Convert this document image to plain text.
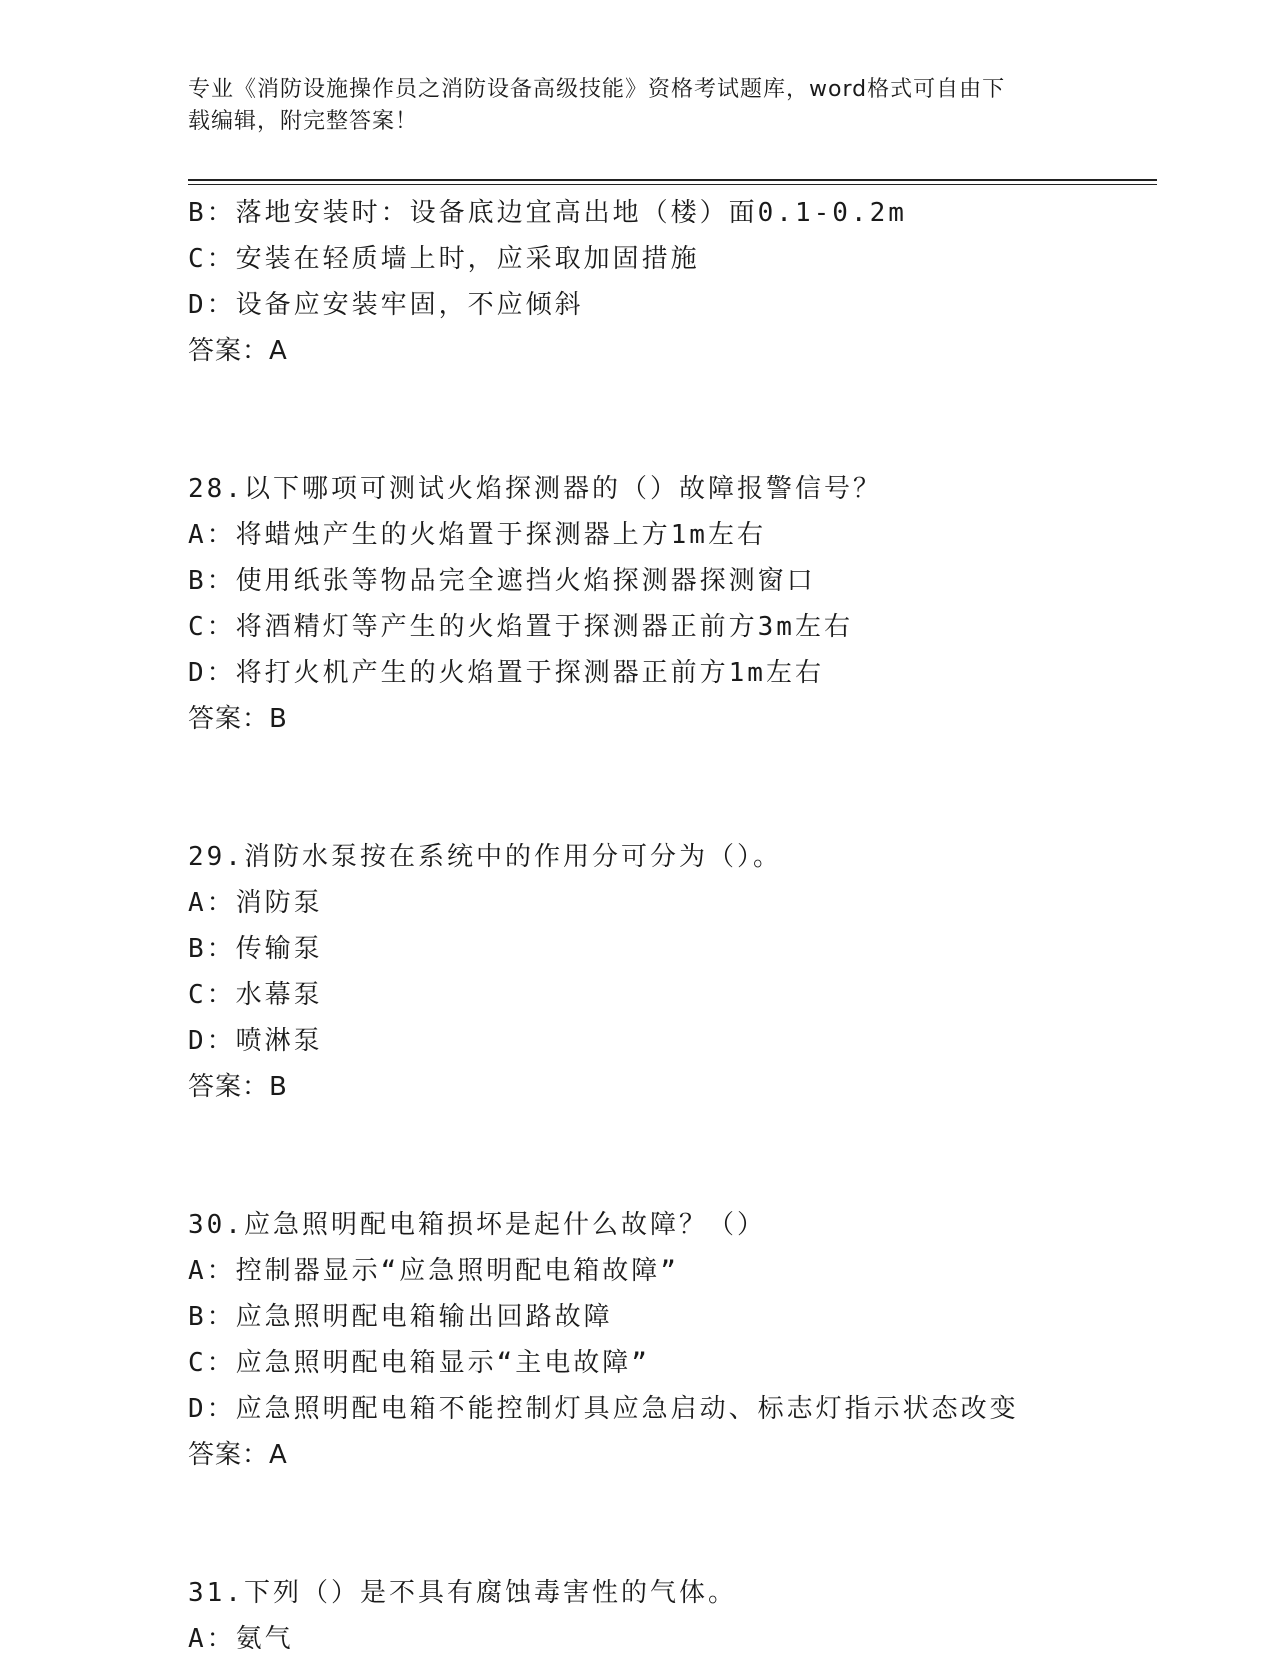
专业《消防设施操作员之消防设备高级技能》资格考试题库，word格式可自由下
载编辑，附完整答案！
B：落地安装时：设备底边宜高出地（楼）面0.1-0.2m
C：安装在轻质墙上时，应采取加固措施
D：设备应安装牢固，不应倾斜
答案：A
28.以下哪项可测试火焰探测器的（）故障报警信号？
A：将蜡烛产生的火焰置于探测器上方1m左右
B：使用纸张等物品完全遮挡火焰探测器探测窗口
C：将酒精灯等产生的火焰置于探测器正前方3m左右
D：将打火机产生的火焰置于探测器正前方1m左右
答案：B
29.消防水泵按在系统中的作用分可分为（）。
A：消防泵
B：传输泵
C：水幕泵
D：喷淋泵
答案：B
30.应急照明配电箱损坏是起什么故障？（）
A：控制器显示“应急照明配电箱故障”
B：应急照明配电箱输出回路故障
C：应急照明配电箱显示“主电故障”
D：应急照明配电箱不能控制灯具应急启动、标志灯指示状态改变
答案：A
31.下列（）是不具有腐蚀毒害性的气体。
A：氨气
